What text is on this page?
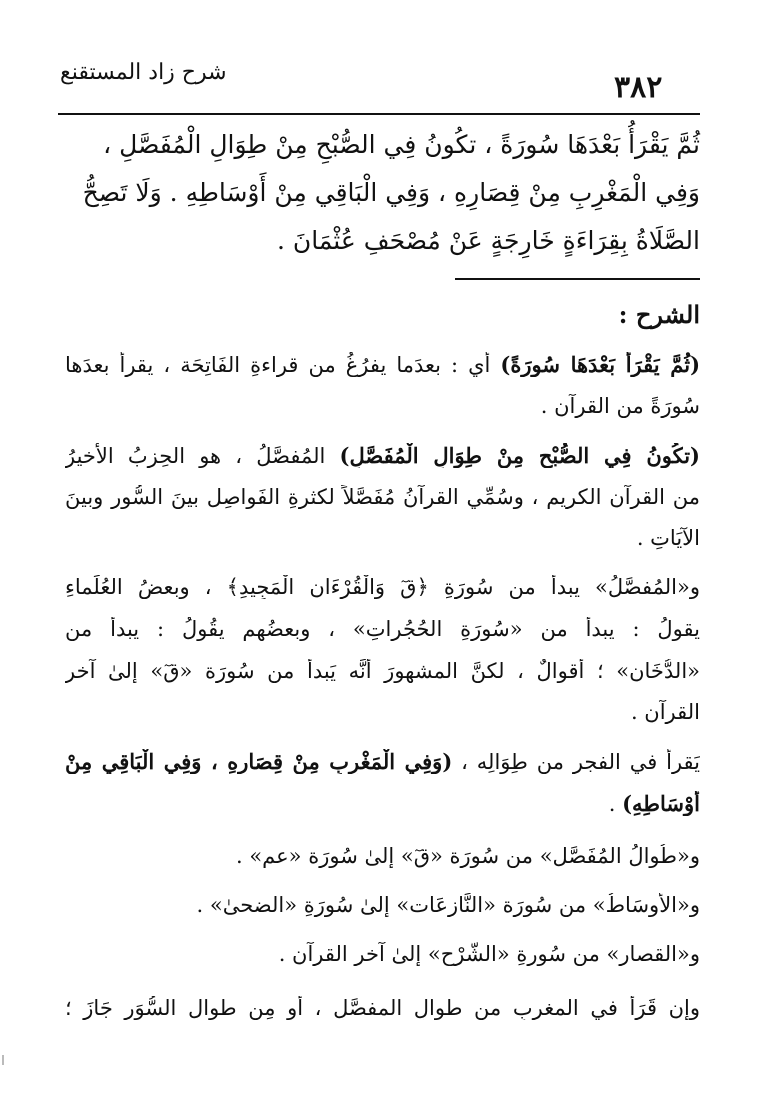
شرح زاد المستقنع	٣٨٢
ثُمَّ يَقْرَأُ بَعْدَهَا سُورَةً ، تكُونُ فِي الصُّبْحِ مِنْ طِوَالِ الْمُفَصَّلِ ،
وَفِي الْمَغْرِبِ مِنْ قِصَارِهِ ، وَفِي الْبَاقِي مِنْ أَوْسَاطِهِ . وَلَا تَصِحُّ
الصَّلَاةُ بِقِرَاءَةٍ خَارِجَةٍ عَنْ مُصْحَفِ عُثْمَانَ .
الشرح :
(ثُمَّ يَقْرَأُ بَعْدَهَا سُورَةً) أي : بعدَما يفرُغُ من قراءةِ الفَاتِحَة ، يقرأُ بعدَها
سُورَةً من القرآنِ .
(تكُونُ فِي الصُّبْحِ مِنْ طِوَالِ الْمُفَصَّلِ) المُفصَّلُ ، هو الحِزبُ الأخيرُ
من القرآنِ الكريمِ ، وسُمِّي القرآنُ مُفَصَّلاً لكثرةِ الفَواصِلِ بينَ السُّورِ وبينَ
الآيَاتِ .
و«المُفصَّلُ» يبدأُ من سُورَةِ ﴿قٓ وَالْقُرْءَانِ الْمَجِيدِ﴾ ، وبعضُ العُلَماءِ
يقولُ : يبدأُ من «سُورَةِ الحُجُراتِ» ، وبعضُهم يقُولُ : يبدأُ من
«الدُّخَانِ» ؛ أقوالٌ ، لكنَّ المشهورَ أنَّه يَبدأُ من سُورَة «قٓ» إلىٰ آخرِ
القرآنِ .
يَقرأُ في الفجرِ من طِوَالِه ، (وَفِي الْمَغْرِبِ مِنْ قِصَارِهِ ، وَفِي الْبَاقِي مِنْ
أَوْسَاطِهِ) .
و«طُوالُ المُفَصَّل» من سُورَة «قٓ» إلىٰ سُورَة «عم» .
و«الأوسَاطُ» من سُورَة «النَّازِعَات» إلىٰ سُورَةِ «الضحىٰ» .
و«القصار» من سُورةِ «الشَّرْح» إلىٰ آخرِ القرآن .
وإن قَرَأَ في المغربِ من طوالِ المفصَّلِ ، أو مِن طوالِ السُّوَرِ جَازَ ؛
